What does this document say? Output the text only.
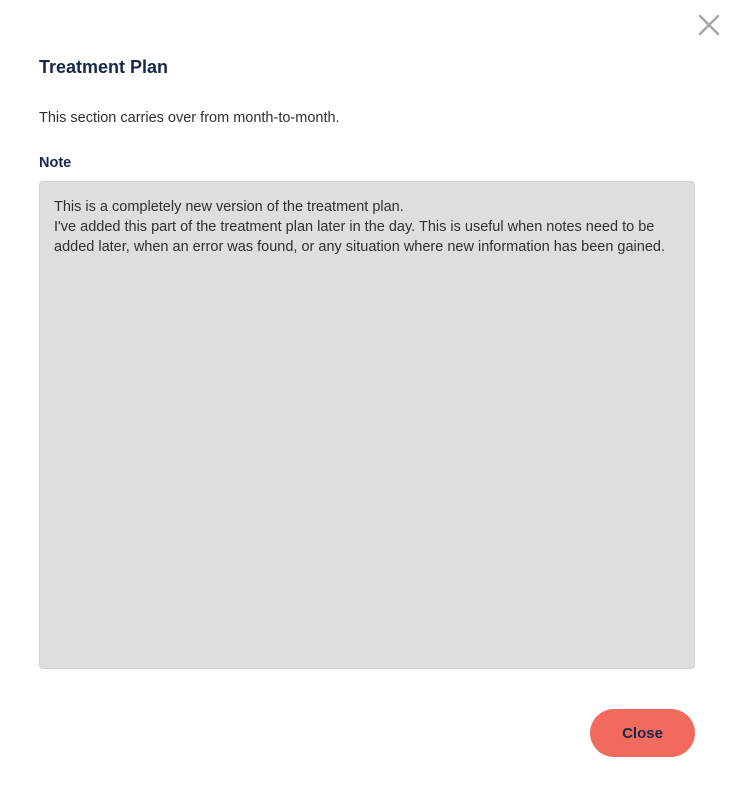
Treatment Plan

This section carries over from month-to-month.

Note

This is a completely new version of the treatment plan.
I've added this part of the treatment plan later in the day. This is useful when notes need to be added later, when an error was found, or any situation where new information has been gained.
Close
